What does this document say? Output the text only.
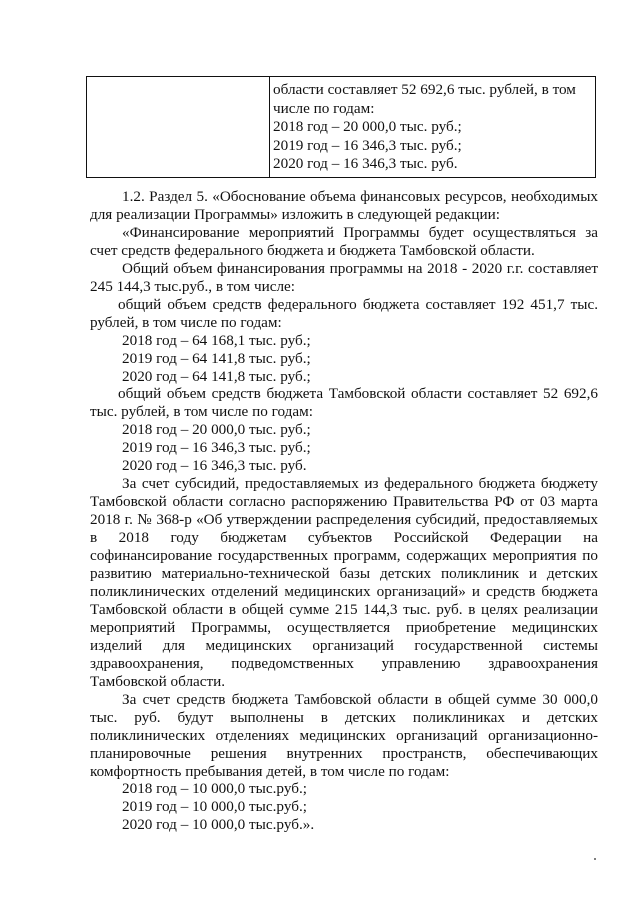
области составляет 52 692,6 тыс. рублей, в том
числе по годам:
2018 год – 20 000,0 тыс. руб.;
2019 год – 16 346,3 тыс. руб.;
2020 год – 16 346,3 тыс. руб.

1.2. Раздел 5. «Обоснование объема финансовых ресурсов, необходимых для реализации Программы» изложить в следующей редакции:

«Финансирование мероприятий Программы будет осуществляться за счет средств федерального бюджета и бюджета Тамбовской области.

Общий объем финансирования программы на 2018 - 2020 г.г. составляет 245 144,3 тыс.руб., в том числе:

общий объем средств федерального бюджета составляет 192 451,7 тыс. рублей, в том числе по годам:

2018 год – 64 168,1 тыс. руб.;
2019 год – 64 141,8 тыс. руб.;
2020 год – 64 141,8 тыс. руб.;

общий объем средств бюджета Тамбовской области составляет 52 692,6 тыс. рублей, в том числе по годам:

2018 год – 20 000,0 тыс. руб.;
2019 год – 16 346,3 тыс. руб.;
2020 год – 16 346,3 тыс. руб.

За счет субсидий, предоставляемых из федерального бюджета бюджету Тамбовской области согласно распоряжению Правительства РФ от 03 марта 2018 г. № 368-р «Об утверждении распределения субсидий, предоставляемых в 2018 году бюджетам субъектов Российской Федерации на софинансирование государственных программ, содержащих мероприятия по развитию материально-технической базы детских поликлиник и детских поликлинических отделений медицинских организаций» и средств бюджета Тамбовской области в общей сумме 215 144,3 тыс. руб. в целях реализации мероприятий Программы, осуществляется приобретение медицинских изделий для медицинских организаций государственной системы здравоохранения, подведомственных управлению здравоохранения Тамбовской области.

За счет средств бюджета Тамбовской области в общей сумме 30 000,0 тыс. руб. будут выполнены в детских поликлиниках и детских поликлинических отделениях медицинских организаций организационно-планировочные решения внутренних пространств, обеспечивающих комфортность пребывания детей, в том числе по годам:

2018 год – 10 000,0 тыс.руб.;
2019 год – 10 000,0 тыс.руб.;
2020 год – 10 000,0 тыс.руб.».
